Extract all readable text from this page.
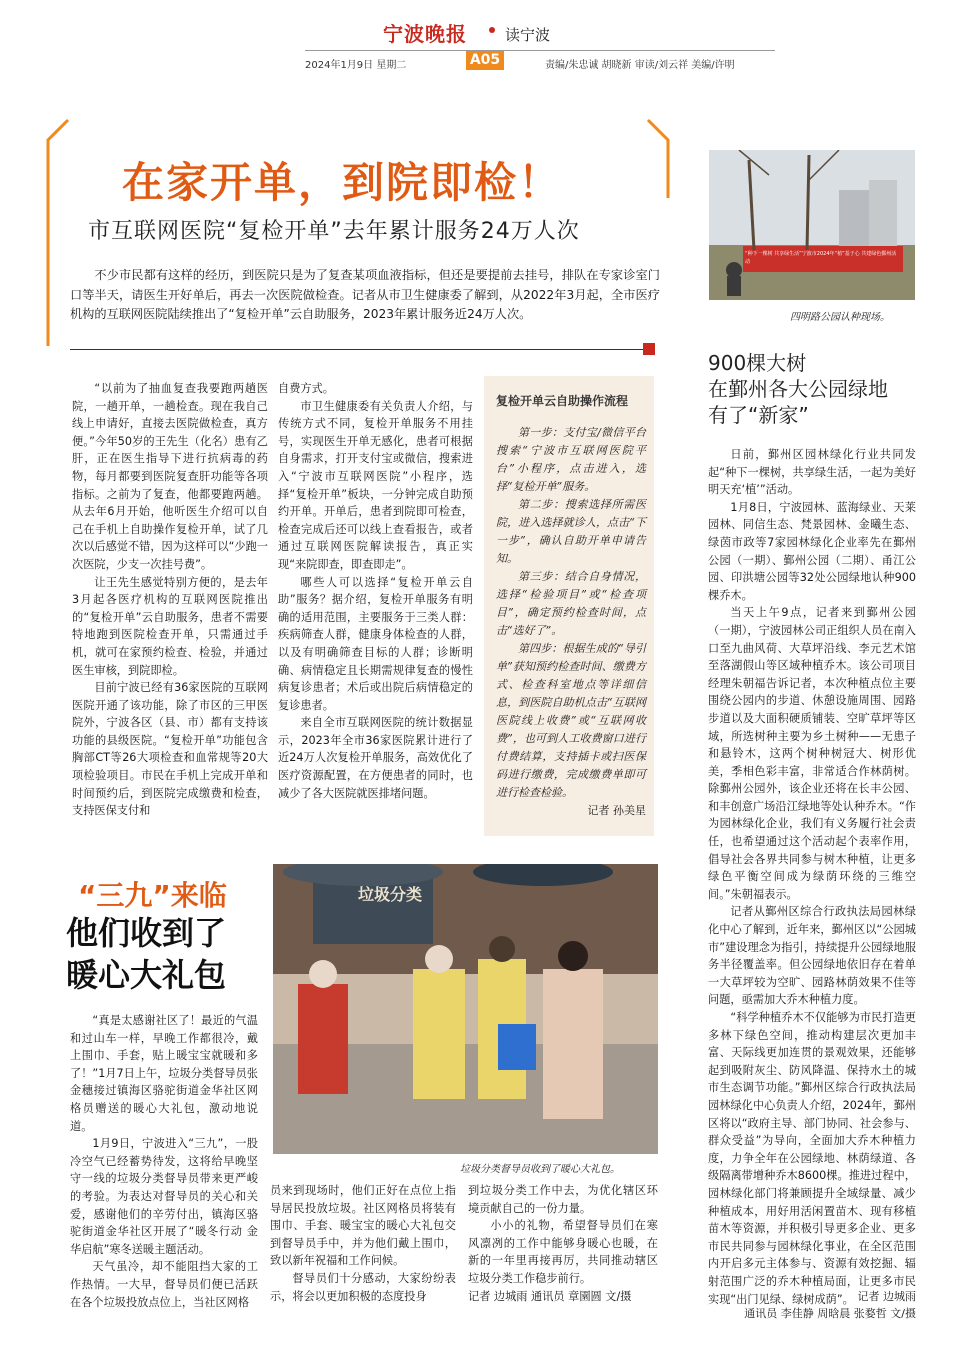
宁波晚报	读宁波
2024年1月9日 星期二	A05	责编/朱忠诚 胡晓新 审读/刘云祥 美编/许明
在家开单，到院即检！
市互联网医院“复检开单”去年累计服务24万人次

不少市民都有这样的经历，到医院只是为了复查某项血液指标，但还是要提前去挂号，排队在专家诊室门口等半天，请医生开好单后，再去一次医院做检查。记者从市卫生健康委了解到，从2022年3月起，全市医疗机构的互联网医院陆续推出了“复检开单”云自助服务，2023年累计服务近24万人次。

“以前为了抽血复查我要跑两趟医院，一趟开单，一趟检查。现在我自己线上申请好，直接去医院做检查，真方便。”今年50岁的王先生（化名）患有乙肝，正在医生指导下进行抗病毒的药物，每月都要到医院复查肝功能等各项指标。之前为了复查，他都要跑两趟。从去年6月开始，他听医生介绍可以自己在手机上自助操作复检开单，试了几次以后感觉不错，因为这样可以“少跑一次医院，少支一次挂号费”。

让王先生感觉特别方便的，是去年3月起各医疗机构的互联网医院推出的“复检开单”云自助服务，患者不需要特地跑到医院检查开单，只需通过手机，就可在家预约检查、检验，并通过医生审核，到院即检。

目前宁波已经有36家医院的互联网医院开通了该功能，除了市区的三甲医院外，宁波各区（县、市）都有支持该功能的县级医院。“复检开单”功能包含胸部CT等26大项检查和血常规等20大项检验项目。市民在手机上完成开单和时间预约后，到医院完成缴费和检查，支持医保支付和

自费方式。

市卫生健康委有关负责人介绍，与传统方式不同，复检开单服务不用挂号，实现医生开单无感化，患者可根据自身需求，打开支付宝或微信，搜索进入“宁波市互联网医院”小程序，选择“复检开单”板块，一分钟完成自助预约开单。开单后，患者到院即可检查，检查完成后还可以线上查看报告，或者通过互联网医院解读报告，真正实现“来院即查，即查即走”。

哪些人可以选择“复检开单云自助”服务？据介绍，复检开单服务有明确的适用范围，主要服务于三类人群：疾病筛查人群，健康身体检查的人群，以及有明确筛查目标的人群；诊断明确、病情稳定且长期需规律复查的慢性病复诊患者；术后或出院后病情稳定的复诊患者。

来自全市互联网医院的统计数据显示，2023年全市36家医院累计进行了近24万人次复检开单服务，高效优化了医疗资源配置，在方便患者的同时，也减少了各大医院就医排堵问题。

复检开单云自助操作流程

第一步：支付宝/微信平台搜索“宁波市互联网医院平台”小程序，点击进入，选择“复检开单”服务。

第二步：搜索选择所需医院，进入选择就诊人，点击“下一步”，确认自助开单申请告知。

第三步：结合自身情况，选择“检验项目”或“检查项目”，确定预约检查时间，点击“选好了”。

第四步：根据生成的“导引单”获知预约检查时间、缴费方式、检查科室地点等详细信息，到医院自助机点击“互联网医院线上收费”或“互联网收费”，也可到人工收费窗口进行付费结算，支持插卡或扫医保码进行缴费，完成缴费单即可进行检查检验。

记者 孙美星
“种下一棵树 共享绿生活”宁波市2024年“植”基于心 共建绿色鄞州活动
四明路公园认种现场。
900棵大树
在鄞州各大公园绿地
有了“新家”

日前，鄞州区园林绿化行业共同发起“种下一棵树，共享绿生活，一起为美好明天充‘植’”活动。

1月8日，宁波园林、蓝海绿业、天莱园林、同信生态、梵景园林、金曦生态、绿茵市政等7家园林绿化企业率先在鄞州公园（一期）、鄞州公园（二期）、甬江公园、印洪塘公园等32处公园绿地认种900棵乔木。

当天上午9点，记者来到鄞州公园（一期），宁波园林公司正组织人员在南入口至九曲风荷、大草坪沿线、李元艺术馆至落湖假山等区域种植乔木。该公司项目经理朱朝福告诉记者，本次种植点位主要围绕公园内的步道、休憩设施周围、园路步道以及大面积硬质铺装、空旷草坪等区域，所选树种主要为乡土树种——无患子和悬铃木，这两个树种树冠大、树形优美，季相色彩丰富，非常适合作林荫树。除鄞州公园外，该企业还将在长丰公园、和丰创意广场沿江绿地等处认种乔木。“作为园林绿化企业，我们有义务履行社会责任，也希望通过这个活动起个表率作用，倡导社会各界共同参与树木种植，让更多绿色平衡空间成为绿荫环绕的三维空间。”朱朝福表示。

记者从鄞州区综合行政执法局园林绿化中心了解到，近年来，鄞州区以“公园城市”建设理念为指引，持续提升公园绿地服务半径覆盖率。但公园绿地依旧存在着单一大草坪较为空旷、园路林荫效果不佳等问题，亟需加大乔木种植力度。

“科学种植乔木不仅能够为市民打造更多林下绿色空间，推动构建层次更加丰富、天际线更加连贯的景观效果，还能够起到吸附灰尘、防风降温、保持水土的城市生态调节功能。”鄞州区综合行政执法局园林绿化中心负责人介绍，2024年，鄞州区将以“政府主导、部门协同、社会参与、群众受益”为导向，全面加大乔木种植力度，力争全年在公园绿地、林荫绿道、各级隔离带增种乔木8600棵。推进过程中，园林绿化部门将兼顾提升全域绿量、减少种植成本，用好用活闲置苗木、现有移植苗木等资源，并积极引导更多企业、更多市民共同参与园林绿化事业，在全区范围内开启多元主体参与、资源有效挖掘、辐射范围广泛的乔木种植局面，让更多市民实现“出门见绿、绿树成荫”。 记者 边城雨
通讯员 李佳静 周晗晨 张婺哲 文/摄
“三九”来临
他们收到了
暖心大礼包
垃圾分类
垃圾分类督导员收到了暖心大礼包。

“真是太感谢社区了！最近的气温和过山车一样，早晚工作都很冷，戴上围巾、手套，贴上暖宝宝就暖和多了！”1月7日上午，垃圾分类督导员张金穗接过镇海区骆驼街道金华社区网格员赠送的暖心大礼包，激动地说道。

1月9日，宁波进入“三九”，一股冷空气已经蓄势待发，这将给早晚坚守一线的垃圾分类督导员带来更严峻的考验。为表达对督导员的关心和关爱，感谢他们的辛劳付出，镇海区骆驼街道金华社区开展了“暖冬行动 金华启航”寒冬送暖主题活动。

天气虽冷，却不能阻挡大家的工作热情。一大早，督导员们便已活跃在各个垃圾投放点位上，当社区网格

员来到现场时，他们正好在点位上指导居民投放垃圾。社区网格员将装有围巾、手套、暖宝宝的暖心大礼包交到督导员手中，并为他们戴上围巾，致以新年祝福和工作问候。

督导员们十分感动，大家纷纷表示，将会以更加积极的态度投身

到垃圾分类工作中去，为优化辖区环境贡献自己的一份力量。

小小的礼物，希望督导员们在寒风凛冽的工作中能够身暖心也暖，在新的一年里再接再厉，共同推动辖区垃圾分类工作稳步前行。

记者 边城雨 通讯员 章園圆 文/摄
